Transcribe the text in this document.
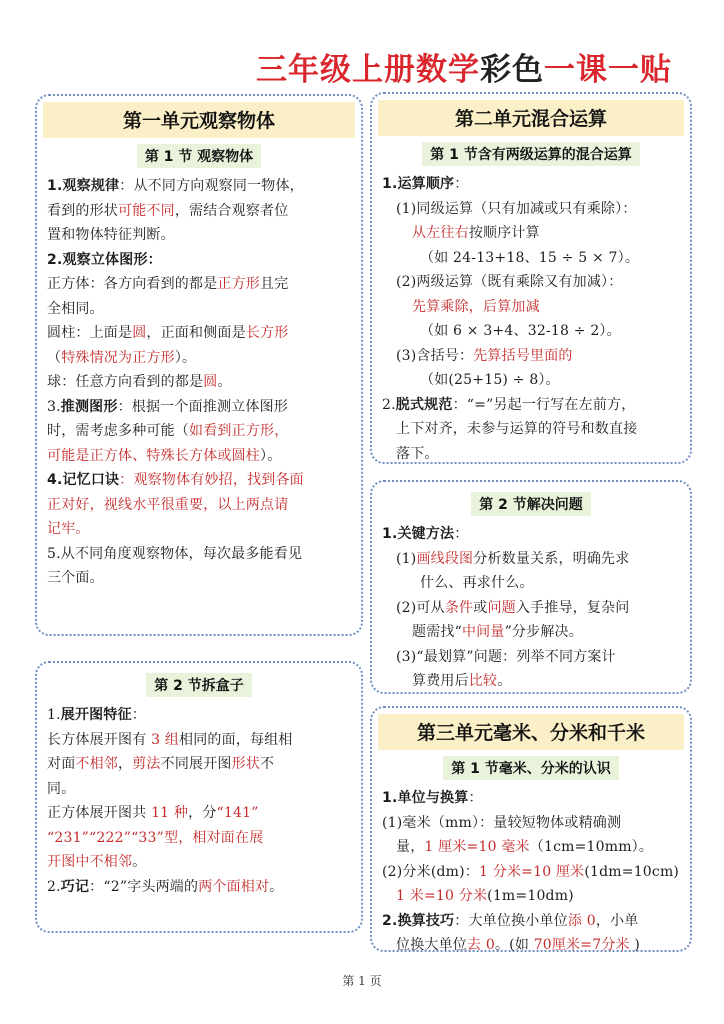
三年级上册数学彩色一课一贴
第一单元观察物体
第 1 节 观察物体

1.观察规律：从不同方向观察同一物体，

看到的形状可能不同，需结合观察者位

置和物体特征判断。

2.观察立体图形：

正方体：各方向看到的都是正方形且完

全相同。

圆柱：上面是圆，正面和侧面是长方形

（特殊情况为正方形）。

球：任意方向看到的都是圆。

3.推测图形：根据一个面推测立体图形

时，需考虑多种可能（如看到正方形，

可能是正方体、特殊长方体或圆柱）。

4.记忆口诀：观察物体有妙招，找到各面

正对好，视线水平很重要，以上两点请

记牢。

5.从不同角度观察物体，每次最多能看见

三个面。

第 2 节拆盒子

1.展开图特征：

长方体展开图有 3 组相同的面，每组相

对面不相邻，剪法不同展开图形状不

同。

正方体展开图共 11 种，分“141”

“231”“222”“33”型，相对面在展

开图中不相邻。

2.巧记：“2”字头两端的两个面相对。

第二单元混合运算
第 1 节含有两级运算的混合运算

1.运算顺序：

(1)同级运算（只有加减或只有乘除）：

从左往右按顺序计算

（如 24-13+18、15 ÷ 5 × 7）。

(2)两级运算（既有乘除又有加减）：

先算乘除，后算加减

（如 6 × 3+4、32-18 ÷ 2）。

(3)含括号：先算括号里面的

（如(25+15) ÷ 8）。

2.脱式规范：“=”另起一行写在左前方，

上下对齐，未参与运算的符号和数直接

落下。

第 2 节解决问题

1.关键方法：

(1)画线段图分析数量关系，明确先求

什么、再求什么。

(2)可从条件或问题入手推导，复杂问

题需找“中间量”分步解决。

(3)“最划算”问题：列举不同方案计

算费用后比较。

第三单元毫米、分米和千米
第 1 节毫米、分米的认识

1.单位与换算：

(1)毫米（mm）：量较短物体或精确测

量，1 厘米=10 毫米（1cm=10mm）。

(2)分米(dm)：1 分米=10 厘米(1dm=10cm)

1 米=10 分米(1m=10dm)

2.换算技巧：大单位换小单位添 0，小单

位换大单位去 0。(如 70厘米=7分米 )

第 1 页
